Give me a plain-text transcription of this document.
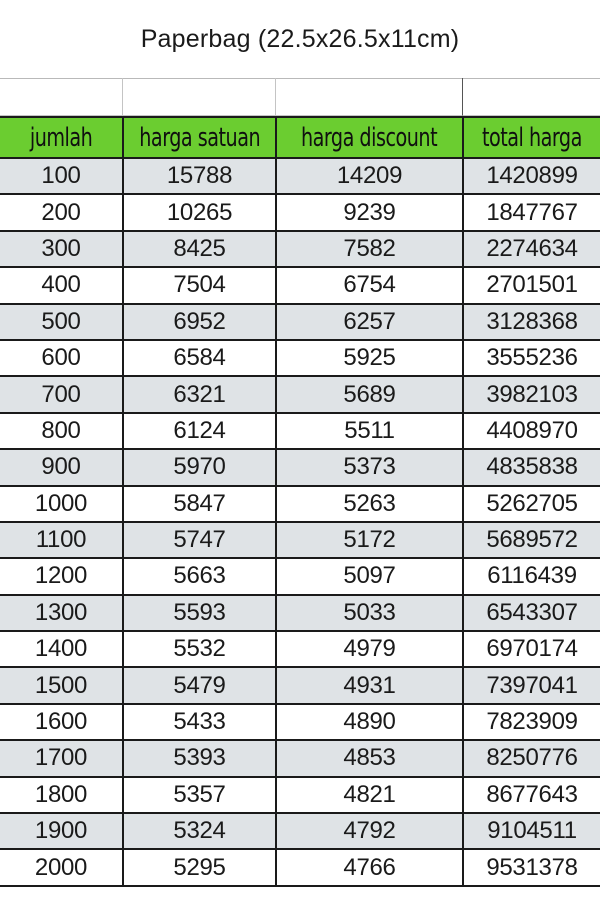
Paperbag (22.5x26.5x11cm)
jumlah	harga satuan	harga discount	total harga
100	15788	14209	1420899
200	10265	9239	1847767
300	8425	7582	2274634
400	7504	6754	2701501
500	6952	6257	3128368
600	6584	5925	3555236
700	6321	5689	3982103
800	6124	5511	4408970
900	5970	5373	4835838
1000	5847	5263	5262705
1100	5747	5172	5689572
1200	5663	5097	6116439
1300	5593	5033	6543307
1400	5532	4979	6970174
1500	5479	4931	7397041
1600	5433	4890	7823909
1700	5393	4853	8250776
1800	5357	4821	8677643
1900	5324	4792	9104511
2000	5295	4766	9531378
